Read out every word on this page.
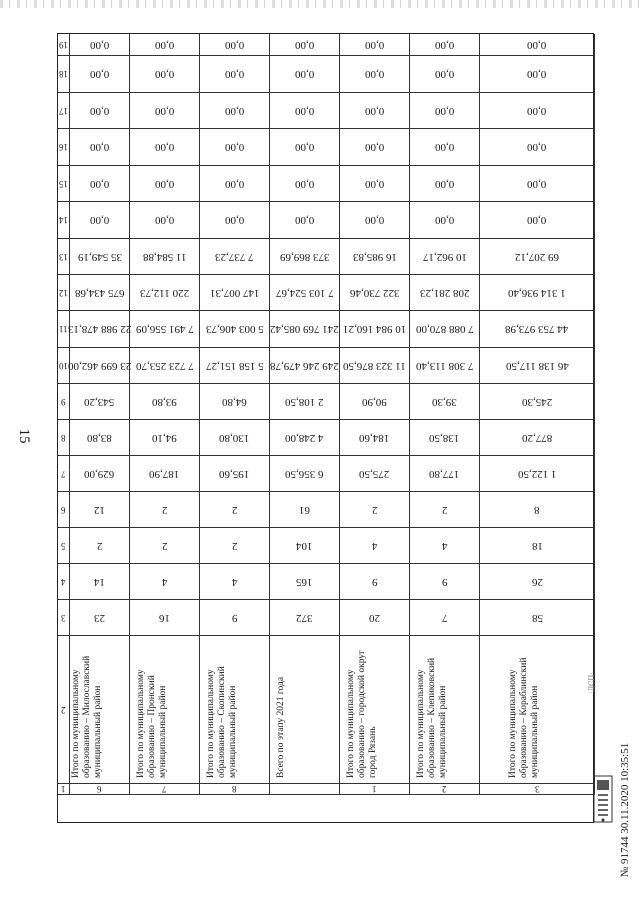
15
19
18
17
16
15
14
13
12
11
10
9
8
7
6
5
4
3
2
1
0,00
0,00
0,00
0,00
0,00
0,00
35 549,19
675 434,68
22 988 478,13
23 699 462,00
543,20
83,80
629,00
12
2
14
23
Итого по муниципальному образованию – Милославский муниципальный район
6
0,00
0,00
0,00
0,00
0,00
0,00
11 584,88
220 112,73
7 491 556,09
7 723 253,70
93,80
94,10
187,90
2
2
4
16
Итого по муниципальному образованию – Пронский муниципальный район
7
0,00
0,00
0,00
0,00
0,00
0,00
7 737,23
147 007,31
5 003 406,73
5 158 151,27
64,80
130,80
195,60
2
2
4
9
Итого по муниципальному образованию – Скопинский муниципальный район
8
0,00
0,00
0,00
0,00
0,00
0,00
373 869,69
7 103 524,67
241 769 085,42
249 246 479,78
2 108,50
4 248,00
6 356,50
61
104
165
372
Всего по этапу 2021 года
0,00
0,00
0,00
0,00
0,00
0,00
16 985,83
322 730,46
10 984 160,21
11 323 876,50
90,90
184,60
275,50
2
4
9
20
Итого по муниципальному образованию – городской округ город Рязань
1
0,00
0,00
0,00
0,00
0,00
0,00
10 962,17
208 281,23
7 088 870,00
7 308 113,40
39,30
138,50
177,80
2
4
9
7
Итого по муниципальному образованию – Клепиковский муниципальный район
2
0,00
0,00
0,00
0,00
0,00
0,00
69 207,12
1 314 936,40
44 753 973,98
46 138 117,50
245,30
877,20
1 122,50
8
18
26
58
Итого по муниципальному образованию – Кораблинский муниципальный район
3
·ДСП·
№ 91744 30.11.2020 10:35:51
